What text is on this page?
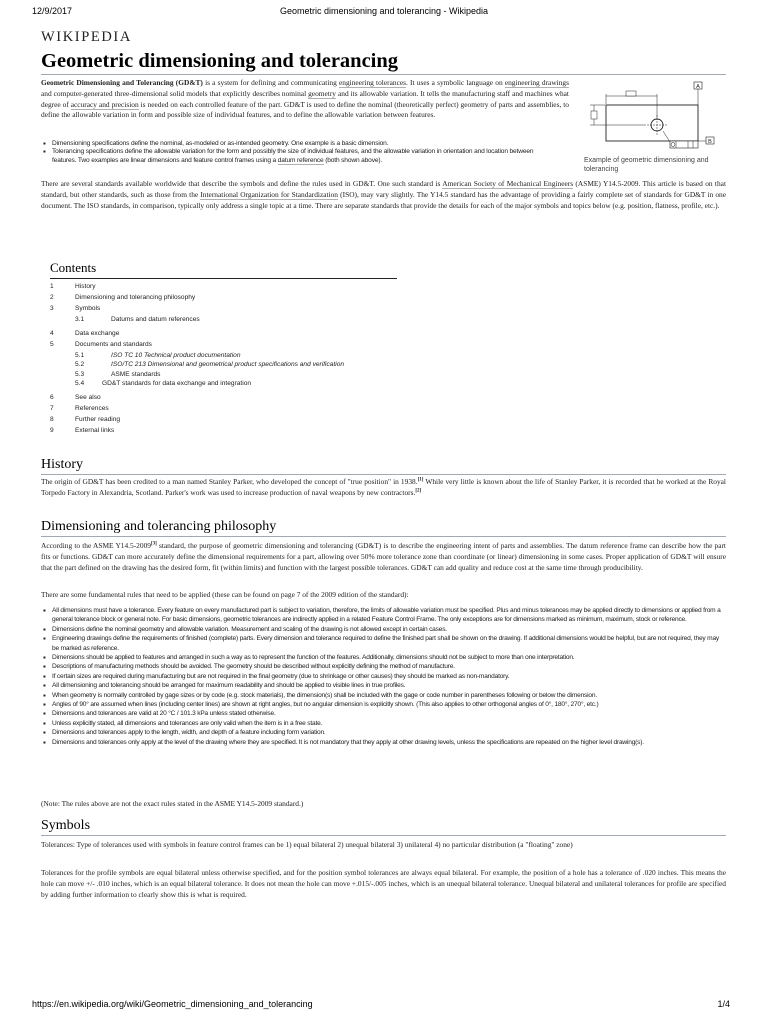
12/9/2017	Geometric dimensioning and tolerancing - Wikipedia
WIKIPEDIA
Geometric dimensioning and tolerancing

Geometric Dimensioning and Tolerancing (GD&T) is a system for defining and communicating engineering tolerances. It uses a symbolic language on engineering drawings and computer-generated three-dimensional solid models that explicitly describes nominal geometry and its allowable variation. It tells the manufacturing staff and machines what degree of accuracy and precision is needed on each controlled feature of the part. GD&T is used to define the nominal (theoretically perfect) geometry of parts and assemblies, to define the allowable variation in form and possible size of individual features, and to define the allowable variation between features.

A
B
Example of geometric dimensioning and tolerancing
▪ Dimensioning specifications define the nominal, as-modeled or as-intended geometry. One example is a basic dimension.
▪ Tolerancing specifications define the allowable variation for the form and possibly the size of individual features, and the allowable variation in orientation and location between features. Two examples are linear dimensions and feature control frames using a datum reference (both shown above).

There are several standards available worldwide that describe the symbols and define the rules used in GD&T. One such standard is American Society of Mechanical Engineers (ASME) Y14.5-2009. This article is based on that standard, but other standards, such as those from the International Organization for Standardization (ISO), may vary slightly. The Y14.5 standard has the advantage of providing a fairly complete set of standards for GD&T in one document. The ISO standards, in comparison, typically only address a single topic at a time. There are separate standards that provide the details for each of the major symbols and topics below (e.g. position, flatness, profile, etc.).

Contents
1	History
2	Dimensioning and tolerancing philosophy
3	Symbols
3.1	Datums and datum references
4	Data exchange
5	Documents and standards
5.1	ISO TC 10 Technical product documentation
5.2	ISO/TC 213 Dimensional and geometrical product specifications and verification
5.3	ASME standards
5.4	GD&T standards for data exchange and integration
6	See also
7	References
8	Further reading
9	External links
History

The origin of GD&T has been credited to a man named Stanley Parker, who developed the concept of "true position" in 1938.[1] While very little is known about the life of Stanley Parker, it is recorded that he worked at the Royal Torpedo Factory in Alexandria, Scotland. Parker's work was used to increase production of naval weapons by new contractors.[2]

Dimensioning and tolerancing philosophy

According to the ASME Y14.5-2009[3] standard, the purpose of geometric dimensioning and tolerancing (GD&T) is to describe the engineering intent of parts and assemblies. The datum reference frame can describe how the part fits or functions. GD&T can more accurately define the dimensional requirements for a part, allowing over 50% more tolerance zone than coordinate (or linear) dimensioning in some cases. Proper application of GD&T will ensure that the part defined on the drawing has the desired form, fit (within limits) and function with the largest possible tolerances. GD&T can add quality and reduce cost at the same time through producibility.

There are some fundamental rules that need to be applied (these can be found on page 7 of the 2009 edition of the standard):

▪ All dimensions must have a tolerance. Every feature on every manufactured part is subject to variation, therefore, the limits of allowable variation must be specified. Plus and minus tolerances may be applied directly to dimensions or applied from a general tolerance block or general note. For basic dimensions, geometric tolerances are indirectly applied in a related Feature Control Frame. The only exceptions are for dimensions marked as minimum, maximum, stock or reference.
▪ Dimensions define the nominal geometry and allowable variation. Measurement and scaling of the drawing is not allowed except in certain cases.
▪ Engineering drawings define the requirements of finished (complete) parts. Every dimension and tolerance required to define the finished part shall be shown on the drawing. If additional dimensions would be helpful, but are not required, they may be marked as reference.
▪ Dimensions should be applied to features and arranged in such a way as to represent the function of the features. Additionally, dimensions should not be subject to more than one interpretation.
▪ Descriptions of manufacturing methods should be avoided. The geometry should be described without explicitly defining the method of manufacture.
▪ If certain sizes are required during manufacturing but are not required in the final geometry (due to shrinkage or other causes) they should be marked as non-mandatory.
▪ All dimensioning and tolerancing should be arranged for maximum readability and should be applied to visible lines in true profiles.
▪ When geometry is normally controlled by gage sizes or by code (e.g. stock materials), the dimension(s) shall be included with the gage or code number in parentheses following or below the dimension.
▪ Angles of 90° are assumed when lines (including center lines) are shown at right angles, but no angular dimension is explicitly shown. (This also applies to other orthogonal angles of 0°, 180°, 270°, etc.)
▪ Dimensions and tolerances are valid at 20 °C / 101.3 kPa unless stated otherwise.
▪ Unless explicitly stated, all dimensions and tolerances are only valid when the item is in a free state.
▪ Dimensions and tolerances apply to the length, width, and depth of a feature including form variation.
▪ Dimensions and tolerances only apply at the level of the drawing where they are specified. It is not mandatory that they apply at other drawing levels, unless the specifications are repeated on the higher level drawing(s).

(Note: The rules above are not the exact rules stated in the ASME Y14.5-2009 standard.)

Symbols

Tolerances: Type of tolerances used with symbols in feature control frames can be 1) equal bilateral 2) unequal bilateral 3) unilateral 4) no particular distribution (a "floating" zone)

Tolerances for the profile symbols are equal bilateral unless otherwise specified, and for the position symbol tolerances are always equal bilateral. For example, the position of a hole has a tolerance of .020 inches. This means the hole can move +/- .010 inches, which is an equal bilateral tolerance. It does not mean the hole can move +.015/-.005 inches, which is an unequal bilateral tolerance. Unequal bilateral and unilateral tolerances for profile are specified by adding further information to clearly show this is what is required.

https://en.wikipedia.org/wiki/Geometric_dimensioning_and_tolerancing	1/4
